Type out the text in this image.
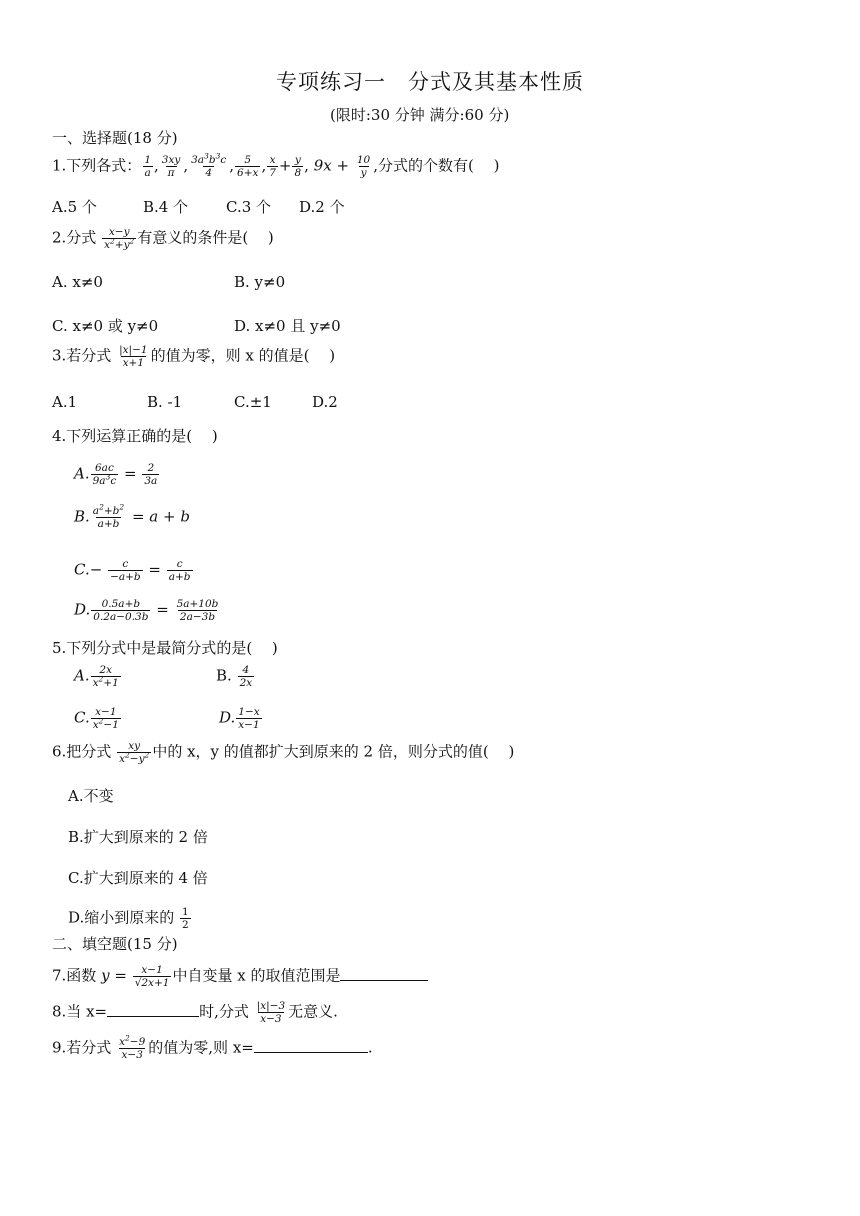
专项练习一　分式及其基本性质
(限时:30 分钟 满分:60 分)
一、选择题(18 分)
1.下列各式： $\frac{1}{a}$ , $\frac{3xy}{\pi}$ , $\frac{3a^3b^3c}{4}$ , $\frac{5}{6+x}$ , $\frac{x}{7} + \frac{y}{8}$ , $9x + \frac{10}{y}$ ,分式的个数有(　 )
A.5 个	B.4 个	C.3 个 D.2 个
2.分式 $\frac{x-y}{x^2+y^2}$ 有意义的条件是(　 )
A. x≠0	B. y≠0
C. x≠0 或 y≠0	D. x≠0 且 y≠0
3.若分式 $\frac{|x|-1}{x+1}$ 的值为零，则 x 的值是(　 )
A.1	B. -1	C.±1	D.2
4.下列运算正确的是(　 )
A. $\frac{6ac}{9a^3c} = \frac{2}{3a}$
B. $\frac{a^2+b^2}{a+b} = a + b$
$C.- \frac{c}{-a+b} = \frac{c}{a+b}$
D. $\frac{0.5a+b}{0.2a-0.3b} = \frac{5a+10b}{2a-3b}$
5.下列分式中是最简分式的是(　 )
A. $\frac{2x}{x^2+1}$	B. $\frac{4}{2x}$
C. $\frac{x-1}{x^2-1}$	D. $\frac{1-x}{x-1}$
6.把分式 $\frac{xy}{x^2-y^2}$ 中的 x，y 的值都扩大到原来的 2 倍，则分式的值(　 )
A.不变
B.扩大到原来的 2 倍
C.扩大到原来的 4 倍
D.缩小到原来的 $\frac{1}{2}$
二、填空题(15 分)
7.函数 $y = \frac{x-1}{√2x+1}$ 中自变量 x 的取值范围是
8.当 x=	时,分式 $\frac{|x|-3}{x-3}$ 无意义.
9.若分式 $\frac{x^2-9}{x-3}$ 的值为零,则 x=	.
